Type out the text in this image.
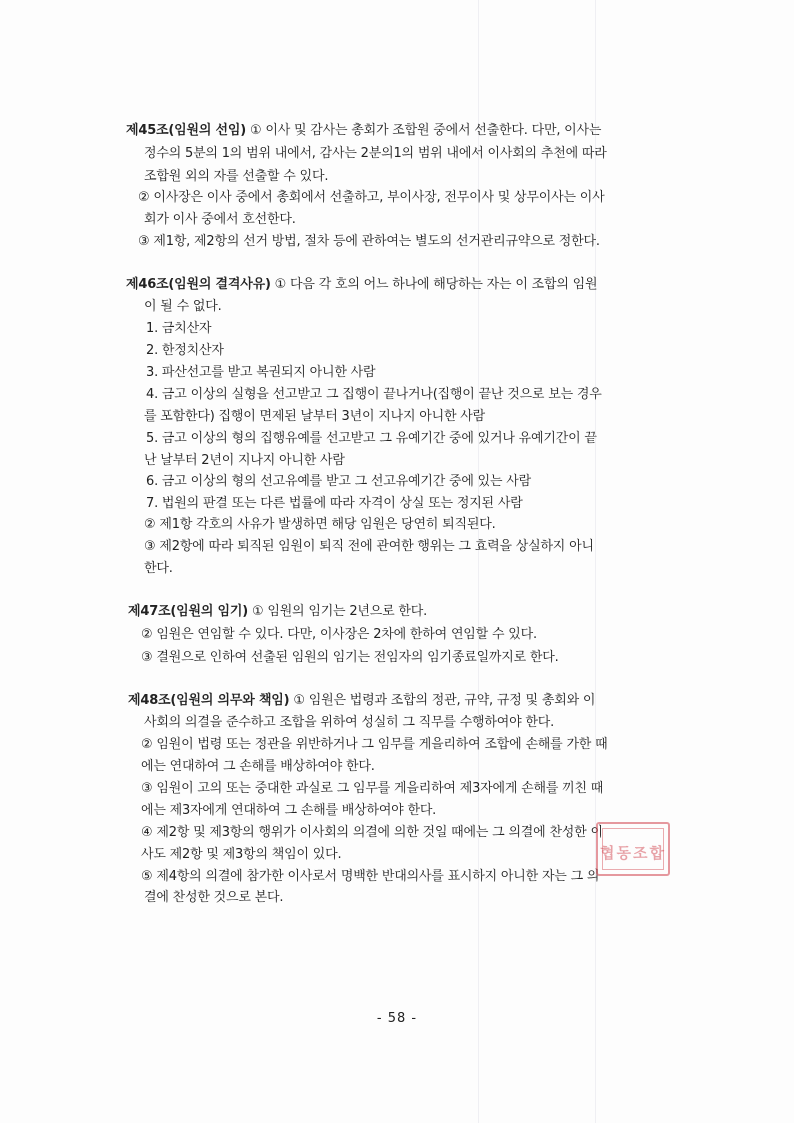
제45조(임원의 선임) ① 이사 및 감사는 총회가 조합원 중에서 선출한다. 다만, 이사는
정수의 5분의 1의 범위 내에서, 감사는 2분의1의 범위 내에서 이사회의 추천에 따라
조합원 외의 자를 선출할 수 있다.
② 이사장은 이사 중에서 총회에서 선출하고, 부이사장, 전무이사 및 상무이사는 이사
회가 이사 중에서 호선한다.
③ 제1항, 제2항의 선거 방법, 절차 등에 관하여는 별도의 선거관리규약으로 정한다.
제46조(임원의 결격사유) ① 다음 각 호의 어느 하나에 해당하는 자는 이 조합의 임원
이 될 수 없다.
1. 금치산자
2. 한정치산자
3. 파산선고를 받고 복권되지 아니한 사람
4. 금고 이상의 실형을 선고받고 그 집행이 끝나거나(집행이 끝난 것으로 보는 경우
를 포함한다) 집행이 면제된 날부터 3년이 지나지 아니한 사람
5. 금고 이상의 형의 집행유예를 선고받고 그 유예기간 중에 있거나 유예기간이 끝
난 날부터 2년이 지나지 아니한 사람
6. 금고 이상의 형의 선고유예를 받고 그 선고유예기간 중에 있는 사람
7. 법원의 판결 또는 다른 법률에 따라 자격이 상실 또는 정지된 사람
② 제1항 각호의 사유가 발생하면 해당 임원은 당연히 퇴직된다.
③ 제2항에 따라 퇴직된 임원이 퇴직 전에 관여한 행위는 그 효력을 상실하지 아니
한다.
제47조(임원의 임기) ① 임원의 임기는 2년으로 한다.
② 임원은 연임할 수 있다. 다만, 이사장은 2차에 한하여 연임할 수 있다.
③ 결원으로 인하여 선출된 임원의 임기는 전임자의 임기종료일까지로 한다.
제48조(임원의 의무와 책임) ① 임원은 법령과 조합의 정관, 규약, 규정 및 총회와 이
사회의 의결을 준수하고 조합을 위하여 성실히 그 직무를 수행하여야 한다.
② 임원이 법령 또는 정관을 위반하거나 그 임무를 게을리하여 조합에 손해를 가한 때
에는 연대하여 그 손해를 배상하여야 한다.
③ 임원이 고의 또는 중대한 과실로 그 임무를 게을리하여 제3자에게 손해를 끼친 때
에는 제3자에게 연대하여 그 손해를 배상하여야 한다.
④ 제2항 및 제3항의 행위가 이사회의 의결에 의한 것일 때에는 그 의결에 찬성한 이
사도 제2항 및 제3항의 책임이 있다.
⑤ 제4항의 의결에 참가한 이사로서 명백한 반대의사를 표시하지 아니한 자는 그 의
결에 찬성한 것으로 본다.
협동조합
- 58 -
